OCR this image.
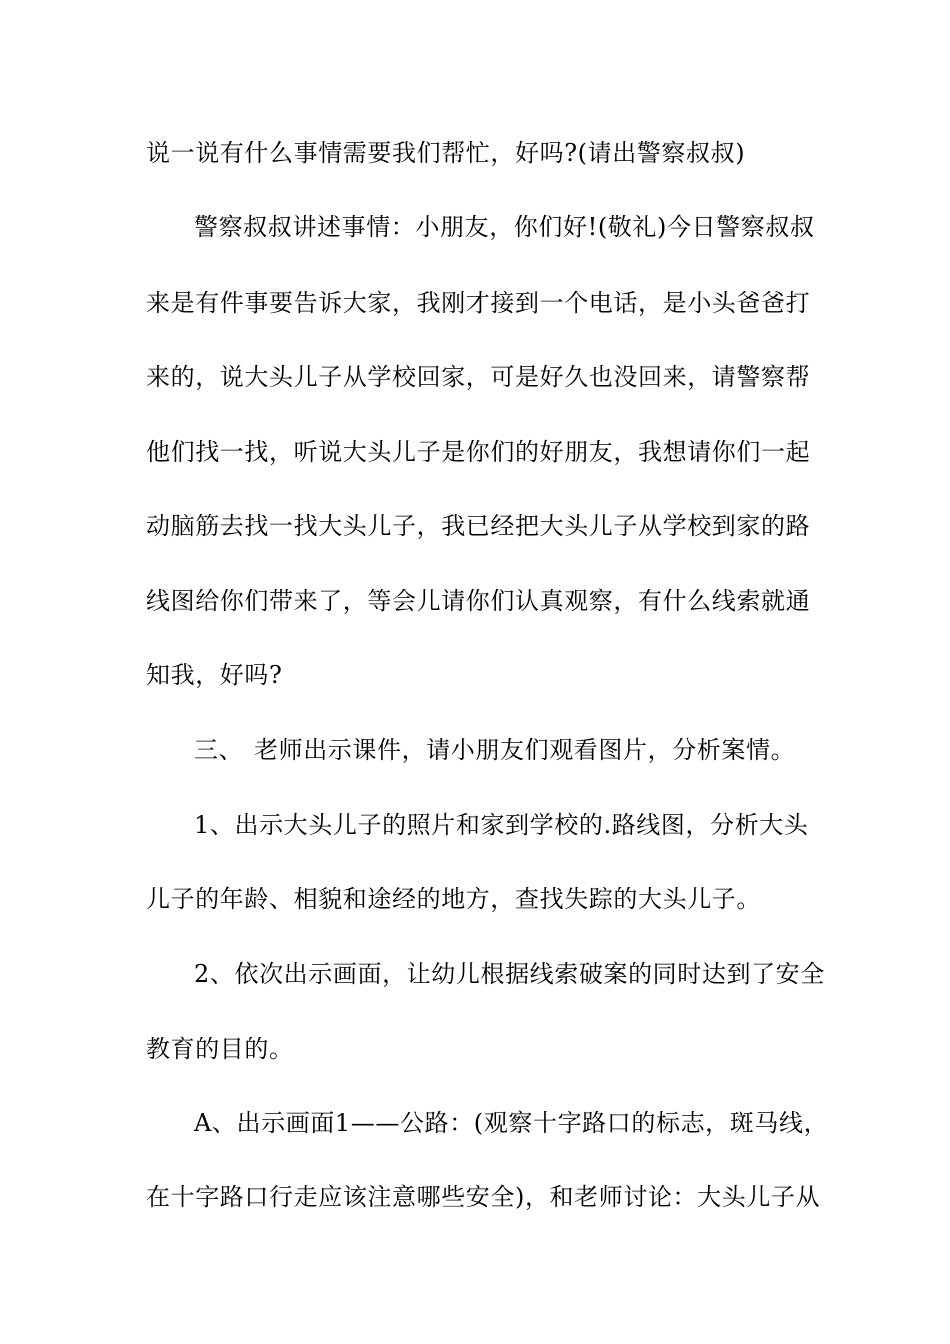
说一说有什么事情需要我们帮忙，好吗?(请出警察叔叔)
警察叔叔讲述事情：小朋友，你们好!(敬礼)今日警察叔叔
来是有件事要告诉大家，我刚才接到一个电话，是小头爸爸打
来的，说大头儿子从学校回家，可是好久也没回来，请警察帮
他们找一找，听说大头儿子是你们的好朋友，我想请你们一起
动脑筋去找一找大头儿子，我已经把大头儿子从学校到家的路
线图给你们带来了，等会儿请你们认真观察，有什么线索就通
知我，好吗?
三、 老师出示课件，请小朋友们观看图片，分析案情。
1、出示大头儿子的照片和家到学校的.路线图，分析大头
儿子的年龄、相貌和途经的地方，查找失踪的大头儿子。
2、依次出示画面，让幼儿根据线索破案的同时达到了安全
教育的目的。
A、出示画面1——公路：(观察十字路口的标志，斑马线，
在十字路口行走应该注意哪些安全)，和老师讨论：大头儿子从
